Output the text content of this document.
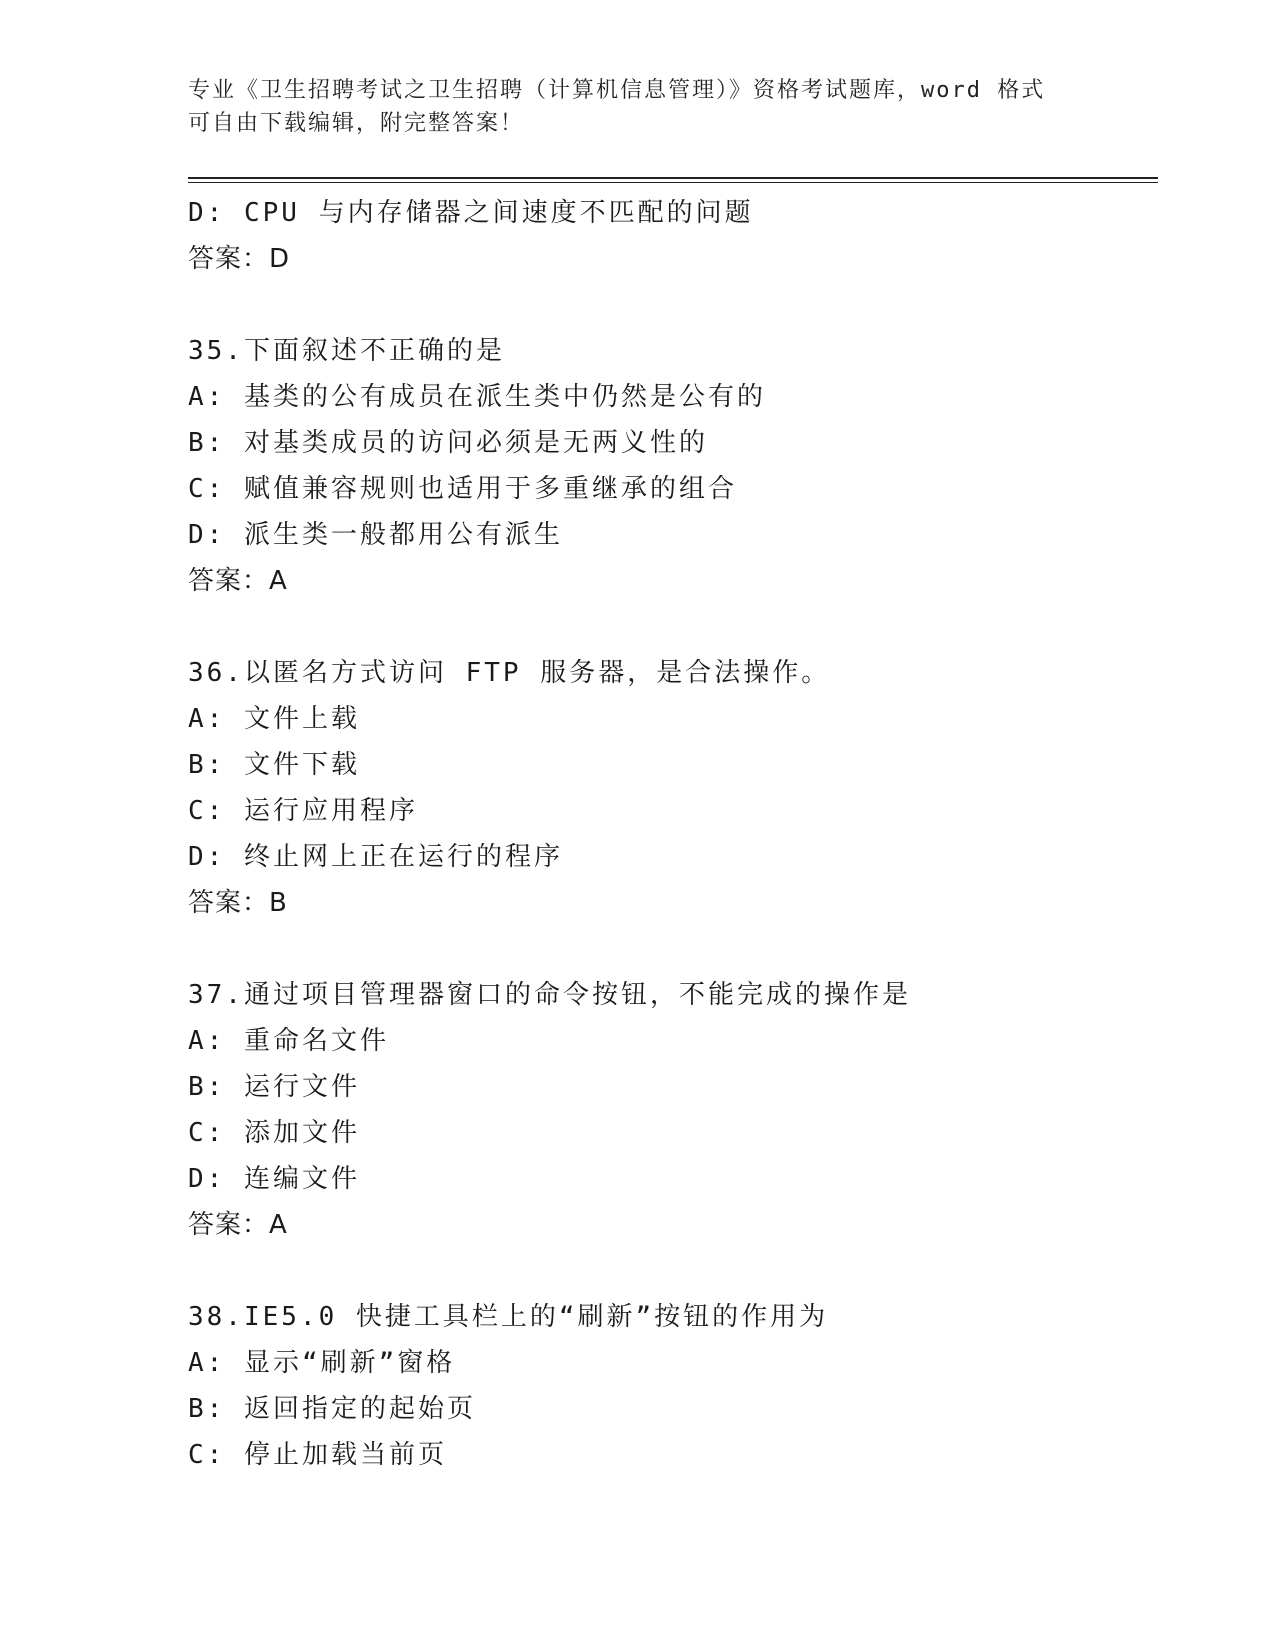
专业《卫生招聘考试之卫生招聘（计算机信息管理）》资格考试题库，word 格式
可自由下载编辑，附完整答案！
D: CPU 与内存储器之间速度不匹配的问题
答案：D
35.下面叙述不正确的是
A: 基类的公有成员在派生类中仍然是公有的
B: 对基类成员的访问必须是无两义性的
C: 赋值兼容规则也适用于多重继承的组合
D: 派生类一般都用公有派生
答案：A
36.以匿名方式访问 FTP 服务器，是合法操作。
A: 文件上载
B: 文件下载
C: 运行应用程序
D: 终止网上正在运行的程序
答案：B
37.通过项目管理器窗口的命令按钮，不能完成的操作是
A: 重命名文件
B: 运行文件
C: 添加文件
D: 连编文件
答案：A
38.IE5.0 快捷工具栏上的“刷新”按钮的作用为
A: 显示“刷新”窗格
B: 返回指定的起始页
C: 停止加载当前页
